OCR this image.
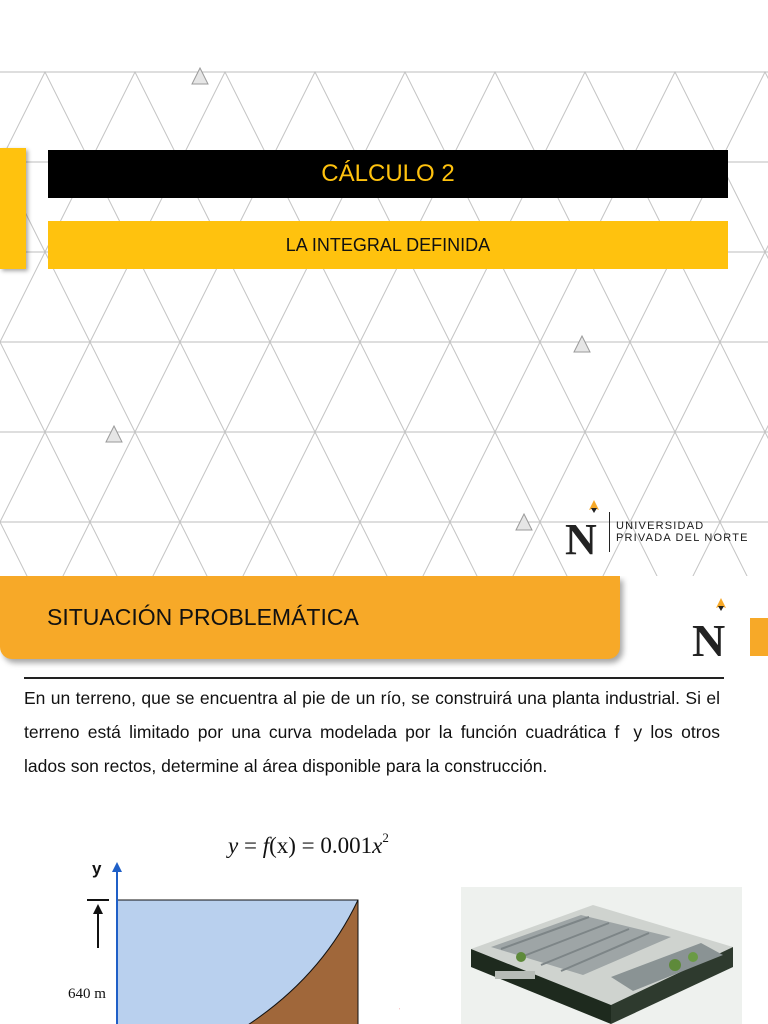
CÁLCULO 2
LA INTEGRAL DEFINIDA
N UNIVERSIDAD
PRIVADA DEL NORTE
SITUACIÓN PROBLEMÁTICA	N
En un terreno, que se encuentra al pie de un río, se construirá una planta industrial. Si el terreno está limitado por una curva modelada por la función cuadrática f y los otros lados son rectos, determine al área disponible para la construcción.
$y = f(x) = 0.001x^2$
y
640 m
